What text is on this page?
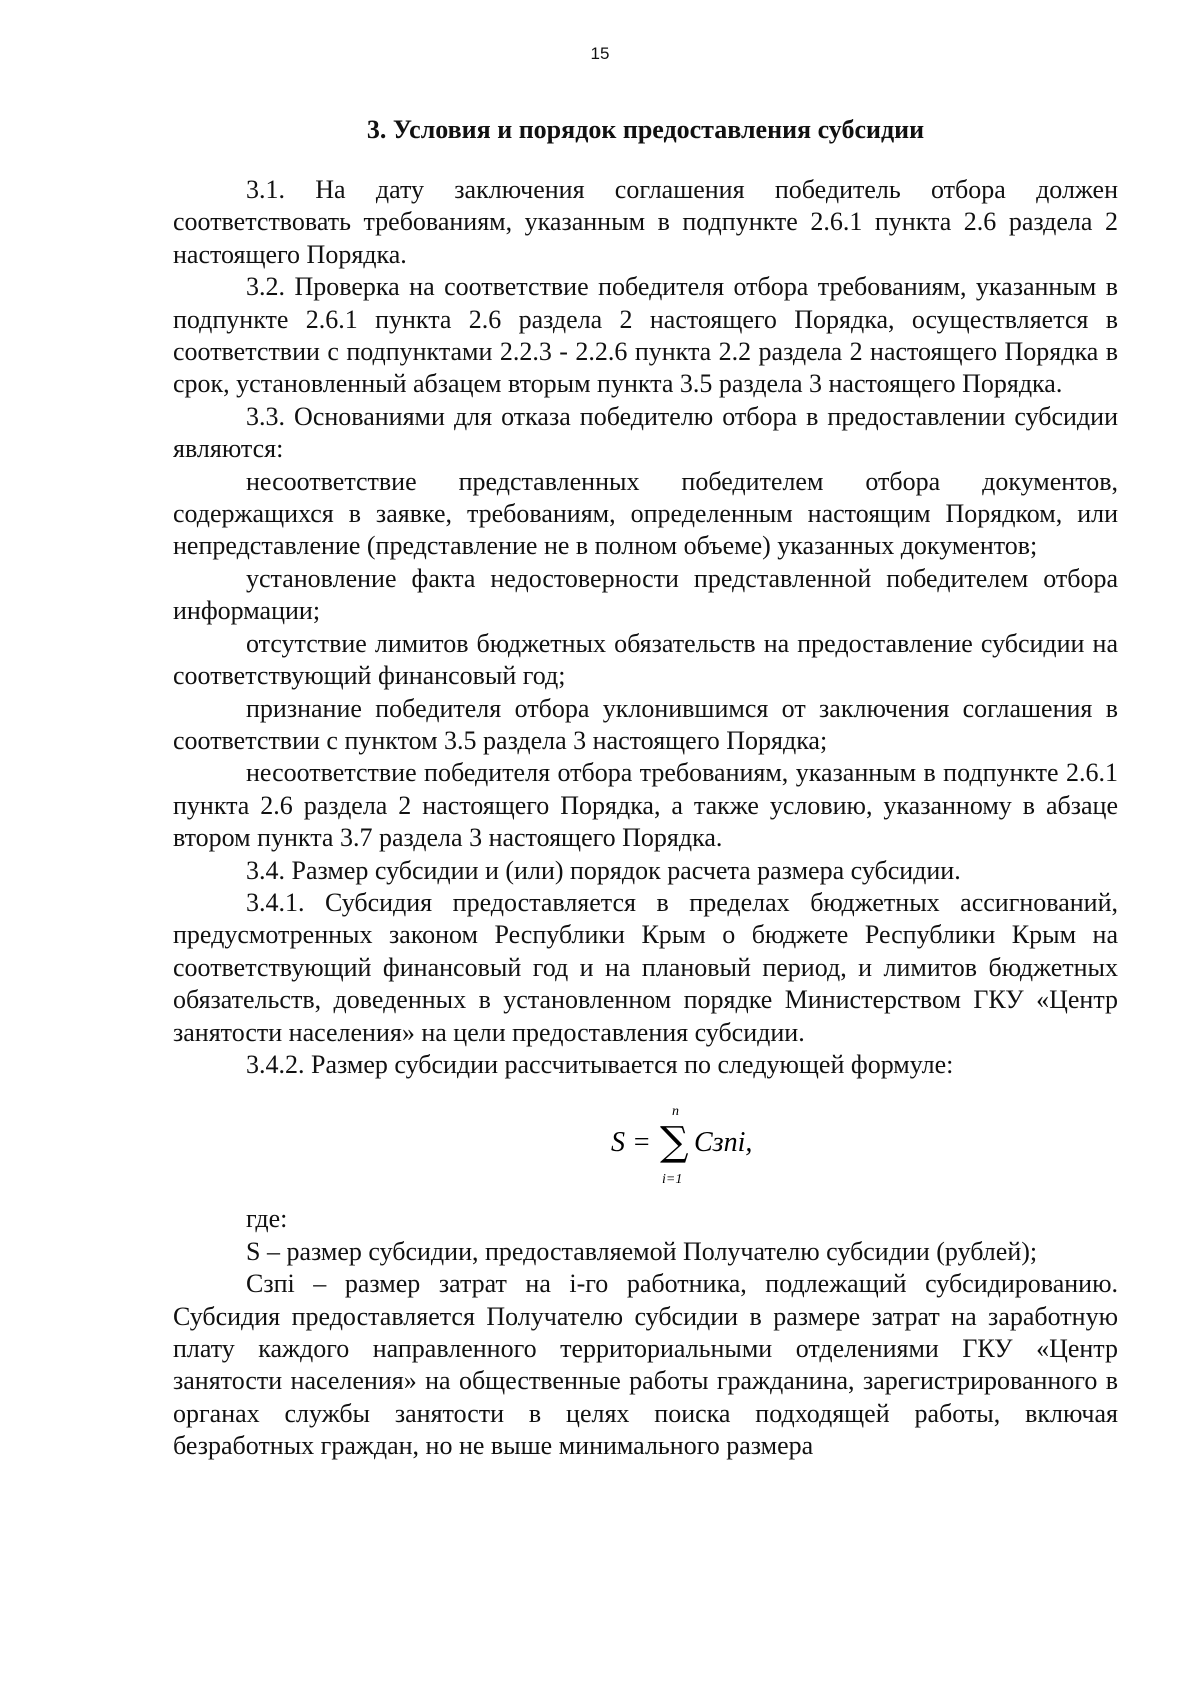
15
3. Условия и порядок предоставления субсидии

3.1. На дату заключения соглашения победитель отбора должен соответствовать требованиям, указанным в подпункте 2.6.1 пункта 2.6 раздела 2 настоящего Порядка.

3.2. Проверка на соответствие победителя отбора требованиям, указанным в подпункте 2.6.1 пункта 2.6 раздела 2 настоящего Порядка, осуществляется в соответствии с подпунктами 2.2.3 - 2.2.6 пункта 2.2 раздела 2 настоящего Порядка в срок, установленный абзацем вторым пункта 3.5 раздела 3 настоящего Порядка.

3.3. Основаниями для отказа победителю отбора в предоставлении субсидии являются:

несоответствие представленных победителем отбора документов, содержащихся в заявке, требованиям, определенным настоящим Порядком, или непредставление (представление не в полном объеме) указанных документов;

установление факта недостоверности представленной победителем отбора информации;

отсутствие лимитов бюджетных обязательств на предоставление субсидии на соответствующий финансовый год;

признание победителя отбора уклонившимся от заключения соглашения в соответствии с пунктом 3.5 раздела 3 настоящего Порядка;

несоответствие победителя отбора требованиям, указанным в подпункте 2.6.1 пункта 2.6 раздела 2 настоящего Порядка, а также условию, указанному в абзаце втором пункта 3.7 раздела 3 настоящего Порядка.

3.4. Размер субсидии и (или) порядок расчета размера субсидии.

3.4.1. Субсидия предоставляется в пределах бюджетных ассигнований, предусмотренных законом Республики Крым о бюджете Республики Крым на соответствующий финансовый год и на плановый период, и лимитов бюджетных обязательств, доведенных в установленном порядке Министерством ГКУ «Центр занятости населения» на цели предоставления субсидии.

3.4.2. Размер субсидии рассчитывается по следующей формуле:

S = ∑
n
i=1
Cзпi,

где:

S – размер субсидии, предоставляемой Получателю субсидии (рублей);

Cзпi – размер затрат на i-го работника, подлежащий субсидированию. Субсидия предоставляется Получателю субсидии в размере затрат на заработную плату каждого направленного территориальными отделениями ГКУ «Центр занятости населения» на общественные работы гражданина, зарегистрированного в органах службы занятости в целях поиска подходящей работы, включая безработных граждан, но не выше минимального размера
